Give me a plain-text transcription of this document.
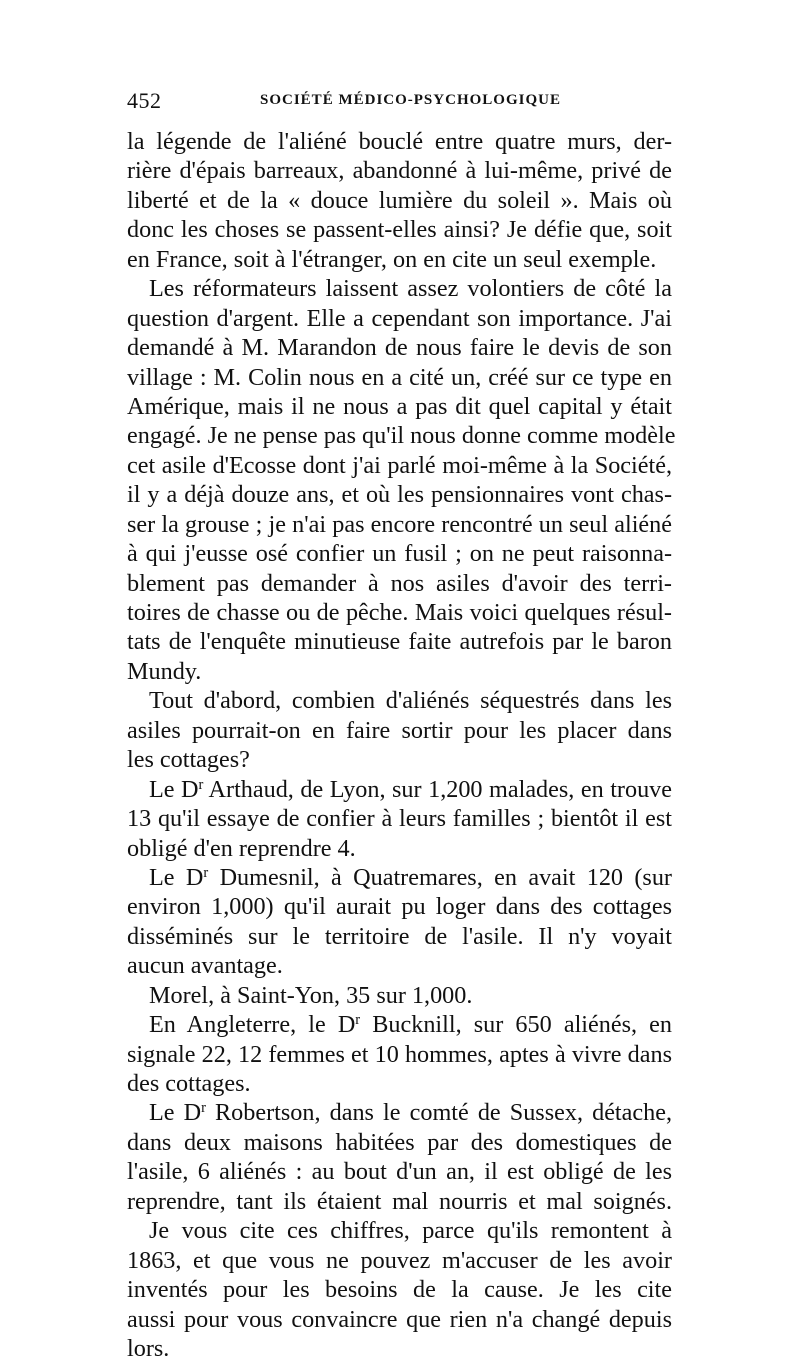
452	SOCIÉTÉ MÉDICO-PSYCHOLOGIQUE
la légende de l'aliéné bouclé entre quatre murs, der-
rière d'épais barreaux, abandonné à lui-même, privé de
liberté et de la « douce lumière du soleil ». Mais où
donc les choses se passent-elles ainsi? Je défie que, soit
en France, soit à l'étranger, on en cite un seul exemple.
Les réformateurs laissent assez volontiers de côté la
question d'argent. Elle a cependant son importance. J'ai
demandé à M. Marandon de nous faire le devis de son
village : M. Colin nous en a cité un, créé sur ce type en
Amérique, mais il ne nous a pas dit quel capital y était
engagé. Je ne pense pas qu'il nous donne comme modèle
cet asile d'Ecosse dont j'ai parlé moi-même à la Société,
il y a déjà douze ans, et où les pensionnaires vont chas-
ser la grouse ; je n'ai pas encore rencontré un seul aliéné
à qui j'eusse osé confier un fusil ; on ne peut raisonna-
blement pas demander à nos asiles d'avoir des terri-
toires de chasse ou de pêche. Mais voici quelques résul-
tats de l'enquête minutieuse faite autrefois par le baron
Mundy.
Tout d'abord, combien d'aliénés séquestrés dans les
asiles pourrait-on en faire sortir pour les placer dans
les cottages?
Le $D^r$ Arthaud, de Lyon, sur 1,200 malades, en trouve
13 qu'il essaye de confier à leurs familles ; bientôt il est
obligé d'en reprendre 4.
Le $D^r$ Dumesnil, à Quatremares, en avait 120 (sur
environ 1,000) qu'il aurait pu loger dans des cottages
disséminés sur le territoire de l'asile. Il n'y voyait
aucun avantage.
Morel, à Saint-Yon, 35 sur 1,000.
En Angleterre, le $D^r$ Bucknill, sur 650 aliénés, en
signale 22, 12 femmes et 10 hommes, aptes à vivre dans
des cottages.
Le $D^r$ Robertson, dans le comté de Sussex, détache,
dans deux maisons habitées par des domestiques de
l'asile, 6 aliénés : au bout d'un an, il est obligé de les
reprendre, tant ils étaient mal nourris et mal soignés.
Je vous cite ces chiffres, parce qu'ils remontent à
1863, et que vous ne pouvez m'accuser de les avoir
inventés pour les besoins de la cause. Je les cite
aussi pour vous convaincre que rien n'a changé depuis
lors.
